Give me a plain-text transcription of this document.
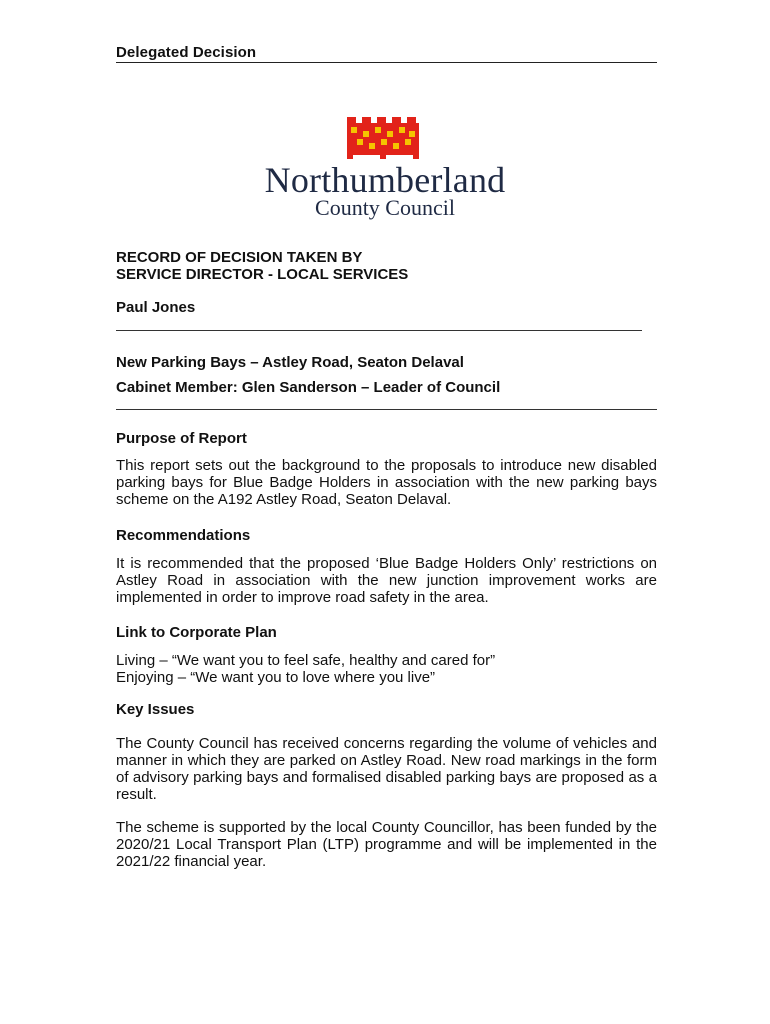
Delegated Decision
Northumberland
County Council
RECORD OF DECISION TAKEN BY
SERVICE DIRECTOR - LOCAL SERVICES
Paul Jones
New Parking Bays – Astley Road, Seaton Delaval
Cabinet Member: Glen Sanderson – Leader of Council
Purpose of Report
This report sets out the background to the proposals to introduce new disabled parking bays for Blue Badge Holders in association with the new parking bays scheme on the A192 Astley Road, Seaton Delaval.
Recommendations
It is recommended that the proposed ‘Blue Badge Holders Only’ restrictions on Astley Road in association with the new junction improvement works are implemented in order to improve road safety in the area.
Link to Corporate Plan
Living – “We want you to feel safe, healthy and cared for”
Enjoying – “We want you to love where you live”
Key Issues
The County Council has received concerns regarding the volume of vehicles and manner in which they are parked on Astley Road. New road markings in the form of advisory parking bays and formalised disabled parking bays are proposed as a result.
The scheme is supported by the local County Councillor, has been funded by the 2020/21 Local Transport Plan (LTP) programme and will be implemented in the 2021/22 financial year.
